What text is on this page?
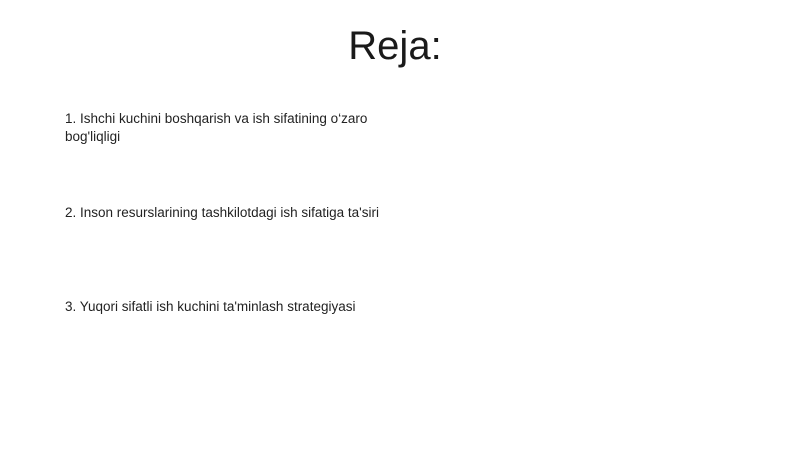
Reja:
1. Ishchi kuchini boshqarish va ish sifatining o‘zaro bog'liqligi
2. Inson resurslarining tashkilotdagi ish sifatiga ta'siri
3. Yuqori sifatli ish kuchini ta'minlash strategiyasi
